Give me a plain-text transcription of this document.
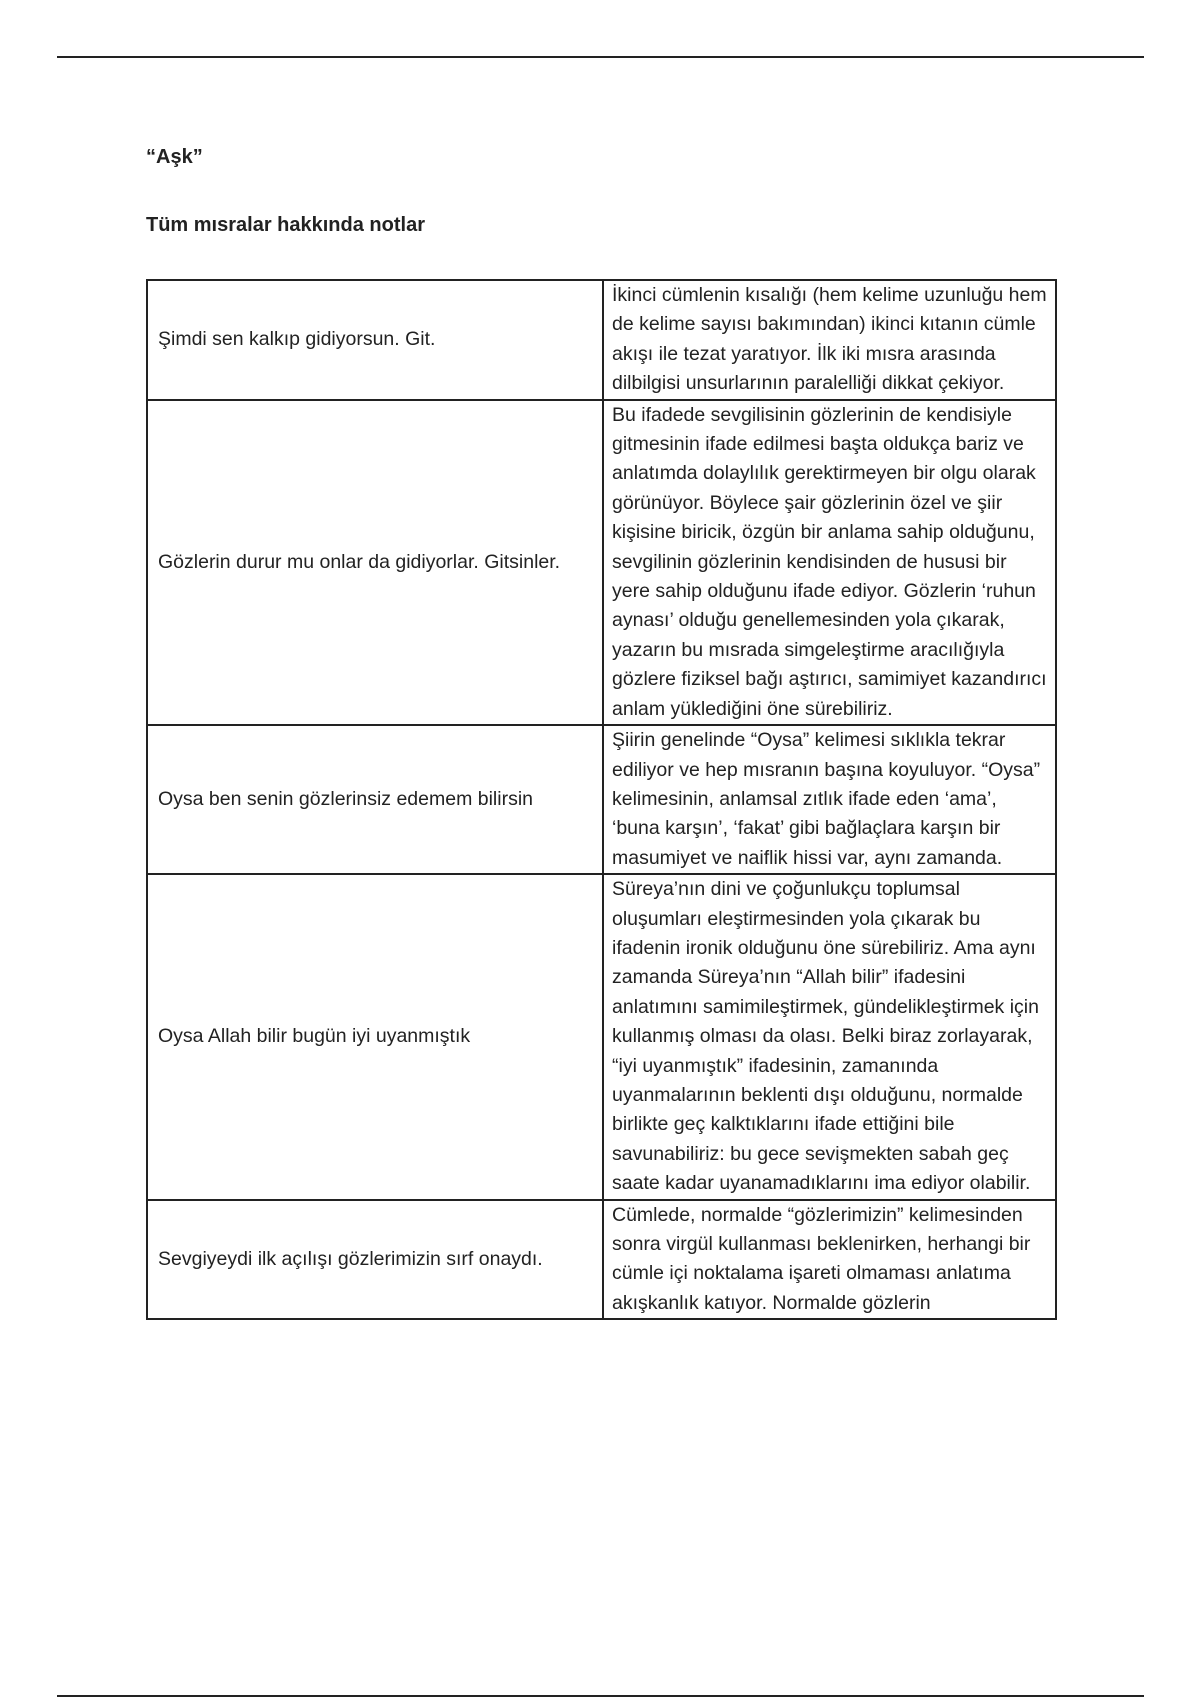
“Aşk”
Tüm mısralar hakkında notlar
Şimdi sen kalkıp gidiyorsun. Git.	İkinci cümlenin kısalığı (hem kelime uzunluğu hem de kelime sayısı bakımından) ikinci kıtanın cümle akışı ile tezat yaratıyor. İlk iki mısra arasında dilbilgisi unsurlarının paralelliği dikkat çekiyor.
Gözlerin durur mu onlar da gidiyorlar. Gitsinler.	Bu ifadede sevgilisinin gözlerinin de kendisiyle gitmesinin ifade edilmesi başta oldukça bariz ve anlatımda dolaylılık gerektirmeyen bir olgu olarak görünüyor. Böylece şair gözlerinin özel ve şiir kişisine biricik, özgün bir anlama sahip olduğunu, sevgilinin gözlerinin kendisinden de hususi bir yere sahip olduğunu ifade ediyor. Gözlerin ‘ruhun aynası’ olduğu genellemesinden yola çıkarak, yazarın bu mısrada simgeleştirme aracılığıyla gözlere fiziksel bağı aştırıcı, samimiyet kazandırıcı anlam yüklediğini öne sürebiliriz.
Oysa ben senin gözlerinsiz edemem bilirsin	Şiirin genelinde “Oysa” kelimesi sıklıkla tekrar ediliyor ve hep mısranın başına koyuluyor. “Oysa” kelimesinin, anlamsal zıtlık ifade eden ‘ama’, ‘buna karşın’, ‘fakat’ gibi bağlaçlara karşın bir masumiyet ve naiflik hissi var, aynı zamanda.
Oysa Allah bilir bugün iyi uyanmıştık	Süreya’nın dini ve çoğunlukçu toplumsal oluşumları eleştirmesinden yola çıkarak bu ifadenin ironik olduğunu öne sürebiliriz. Ama aynı zamanda Süreya’nın “Allah bilir” ifadesini anlatımını samimileştirmek, gündelikleştirmek için kullanmış olması da olası. Belki biraz zorlayarak, “iyi uyanmıştık” ifadesinin, zamanında uyanmalarının beklenti dışı olduğunu, normalde birlikte geç kalktıklarını ifade ettiğini bile savunabiliriz: bu gece sevişmekten sabah geç saate kadar uyanamadıklarını ima ediyor olabilir.
Sevgiyeydi ilk açılışı gözlerimizin sırf onaydı.	Cümlede, normalde “gözlerimizin” kelimesinden sonra virgül kullanması beklenirken, herhangi bir cümle içi noktalama işareti olmaması anlatıma akışkanlık katıyor. Normalde gözlerin
